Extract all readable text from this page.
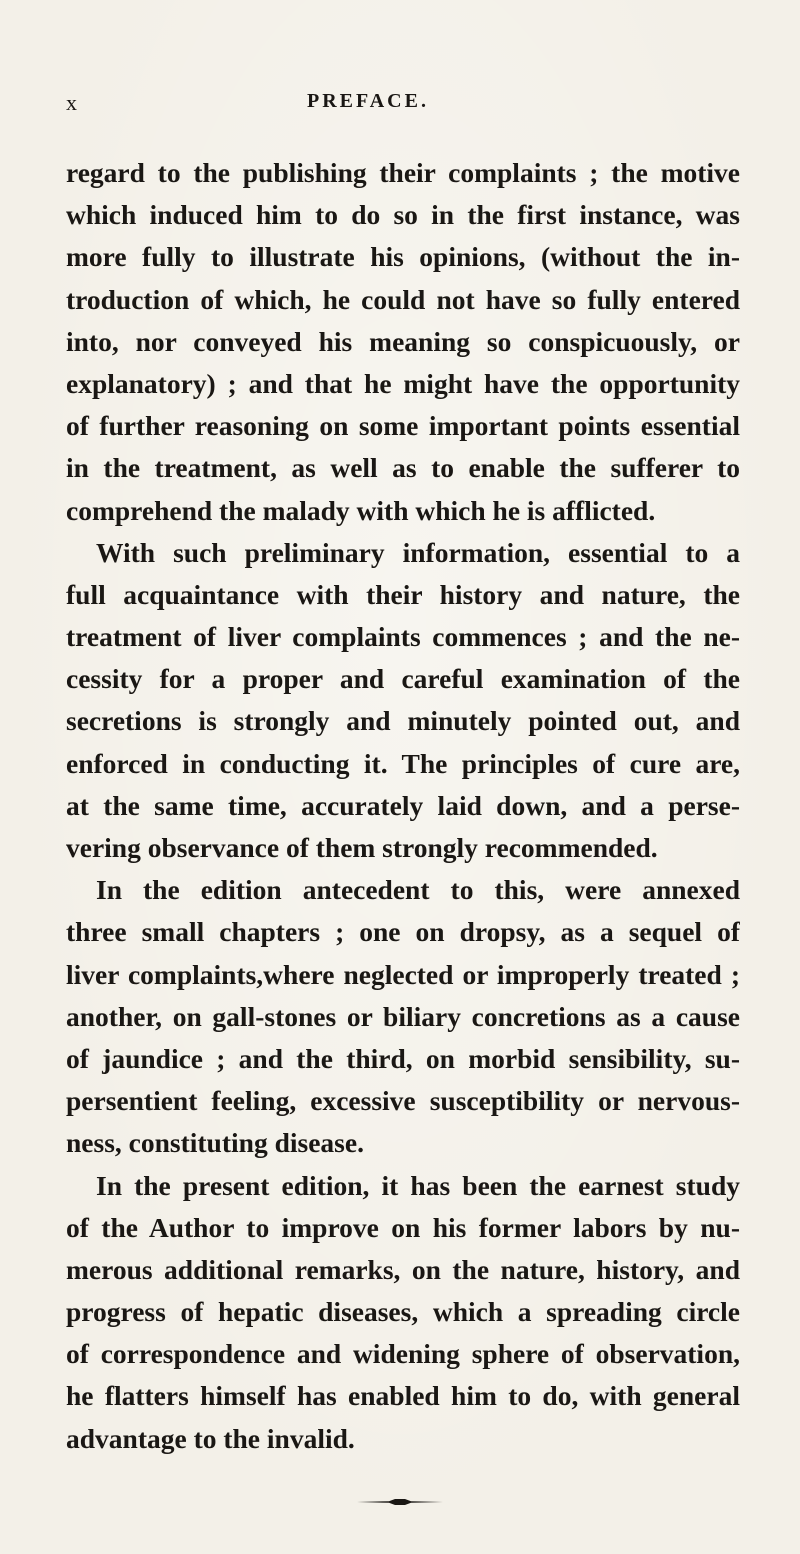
x	PREFACE.
regard to the publishing their complaints ; the motive
which induced him to do so in the first instance, was
more fully to illustrate his opinions, (without the in-
troduction of which, he could not have so fully entered
into, nor conveyed his meaning so conspicuously, or
explanatory) ; and that he might have the opportunity
of further reasoning on some important points essential
in the treatment, as well as to enable the sufferer to
comprehend the malady with which he is afflicted.
With such preliminary information, essential to a
full acquaintance with their history and nature, the
treatment of liver complaints commences ; and the ne-
cessity for a proper and careful examination of the
secretions is strongly and minutely pointed out, and
enforced in conducting it. The principles of cure are,
at the same time, accurately laid down, and a perse-
vering observance of them strongly recommended.
In the edition antecedent to this, were annexed
three small chapters ; one on dropsy, as a sequel of
liver complaints,where neglected or improperly treated ;
another, on gall-stones or biliary concretions as a cause
of jaundice ; and the third, on morbid sensibility, su-
persentient feeling, excessive susceptibility or nervous-
ness, constituting disease.
In the present edition, it has been the earnest study
of the Author to improve on his former labors by nu-
merous additional remarks, on the nature, history, and
progress of hepatic diseases, which a spreading circle
of correspondence and widening sphere of observation,
he flatters himself has enabled him to do, with general
advantage to the invalid.
